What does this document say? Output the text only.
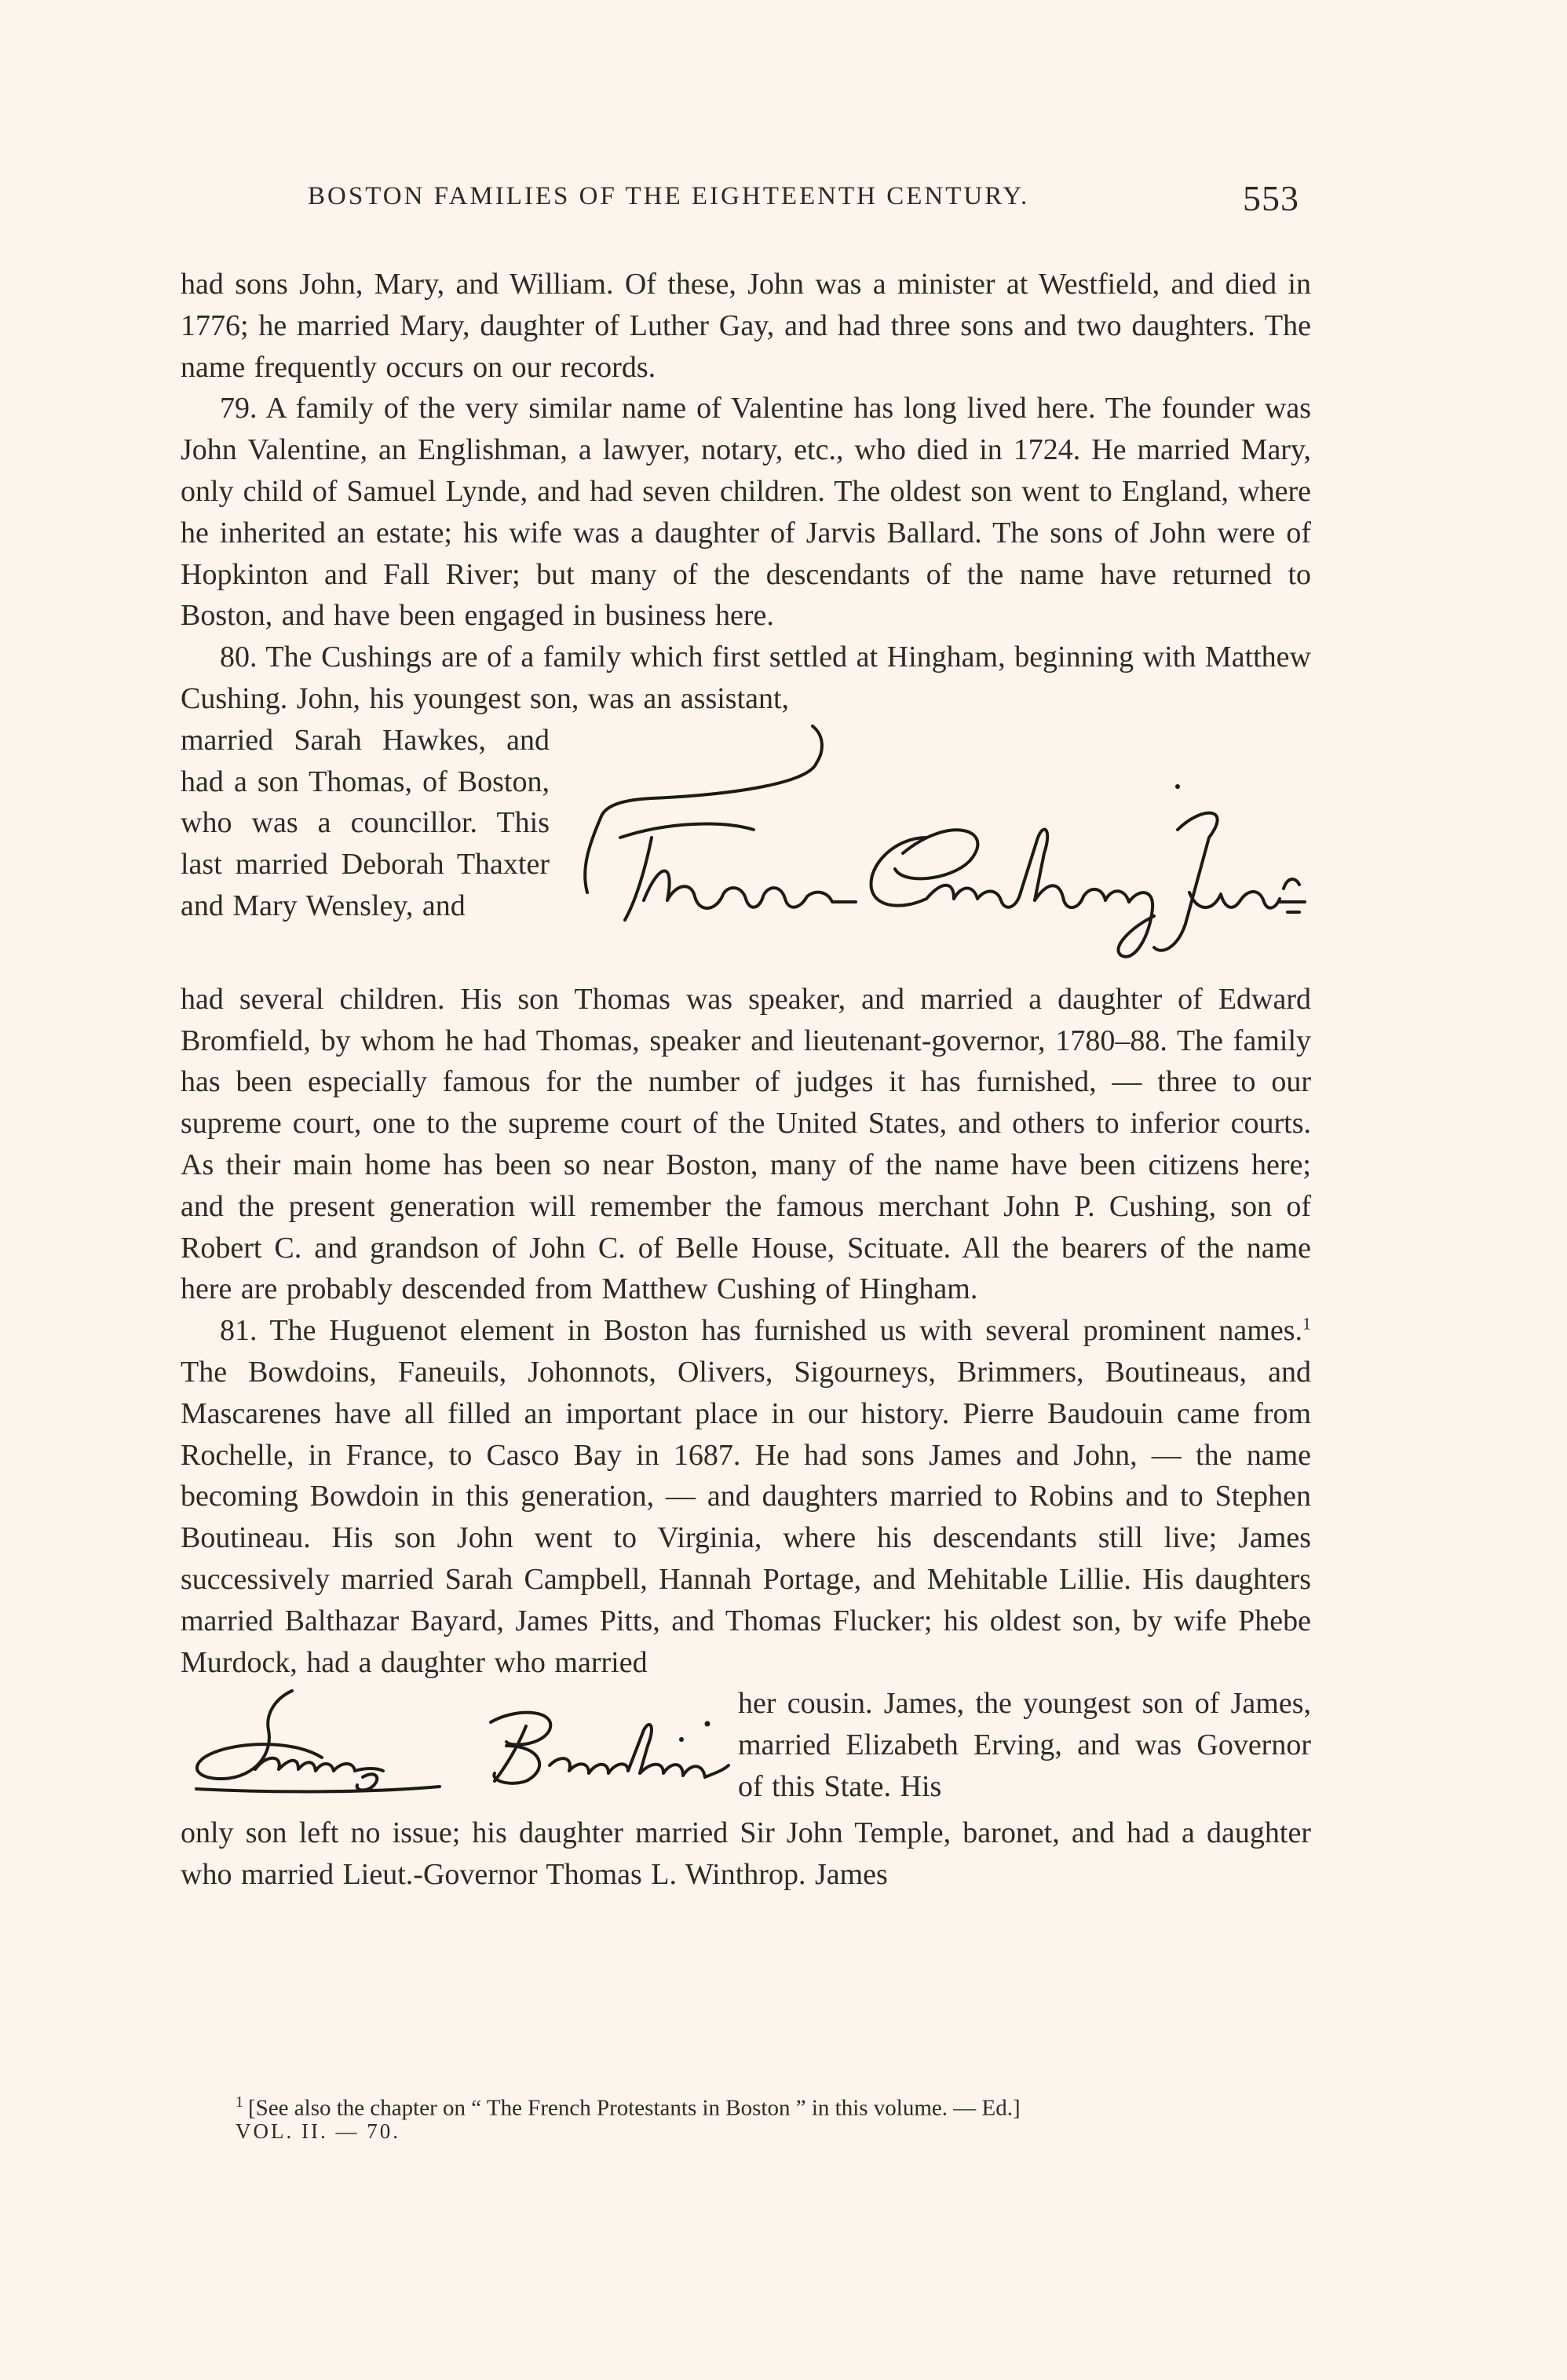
BOSTON FAMILIES OF THE EIGHTEENTH CENTURY.	553

had sons John, Mary, and William. Of these, John was a minister at Westfield, and died in 1776; he married Mary, daughter of Luther Gay, and had three sons and two daughters. The name frequently occurs on our records.

79. A family of the very similar name of Valentine has long lived here. The founder was John Valentine, an Englishman, a lawyer, notary, etc., who died in 1724. He married Mary, only child of Samuel Lynde, and had seven children. The oldest son went to England, where he inherited an estate; his wife was a daughter of Jarvis Ballard. The sons of John were of Hopkinton and Fall River; but many of the descendants of the name have returned to Boston, and have been engaged in business here.

80. The Cushings are of a family which first settled at Hingham, beginning with Matthew Cushing. John, his youngest son, was an assistant,

married Sarah Hawkes, and had a son Thomas, of Boston, who was a councillor. This last married Deborah Thaxter and Mary Wensley, and

had several children. His son Thomas was speaker, and married a daughter of Edward Bromfield, by whom he had Thomas, speaker and lieutenant-governor, 1780–88. The family has been especially famous for the number of judges it has furnished, — three to our supreme court, one to the supreme court of the United States, and others to inferior courts. As their main home has been so near Boston, many of the name have been citizens here; and the present generation will remember the famous merchant John P. Cushing, son of Robert C. and grandson of John C. of Belle House, Scituate. All the bearers of the name here are probably descended from Matthew Cushing of Hingham.

81. The Huguenot element in Boston has furnished us with several prominent names.$^1$ The Bowdoins, Faneuils, Johonnots, Olivers, Sigourneys, Brimmers, Boutineaus, and Mascarenes have all filled an important place in our history. Pierre Baudouin came from Rochelle, in France, to Casco Bay in 1687. He had sons James and John, — the name becoming Bowdoin in this generation, — and daughters married to Robins and to Stephen Boutineau. His son John went to Virginia, where his descendants still live; James successively married Sarah Campbell, Hannah Portage, and Mehitable Lillie. His daughters married Balthazar Bayard, James Pitts, and Thomas Flucker; his oldest son, by wife Phebe Murdock, had a daughter who married

her cousin. James, the youngest son of James, married Elizabeth Erving, and was Governor of this State. His

only son left no issue; his daughter married Sir John Temple, baronet, and had a daughter who married Lieut.-Governor Thomas L. Winthrop. James

$^1$ [See also the chapter on “ The French Protestants in Boston ” in this volume. — Ed.]
VOL. II. — 70.
